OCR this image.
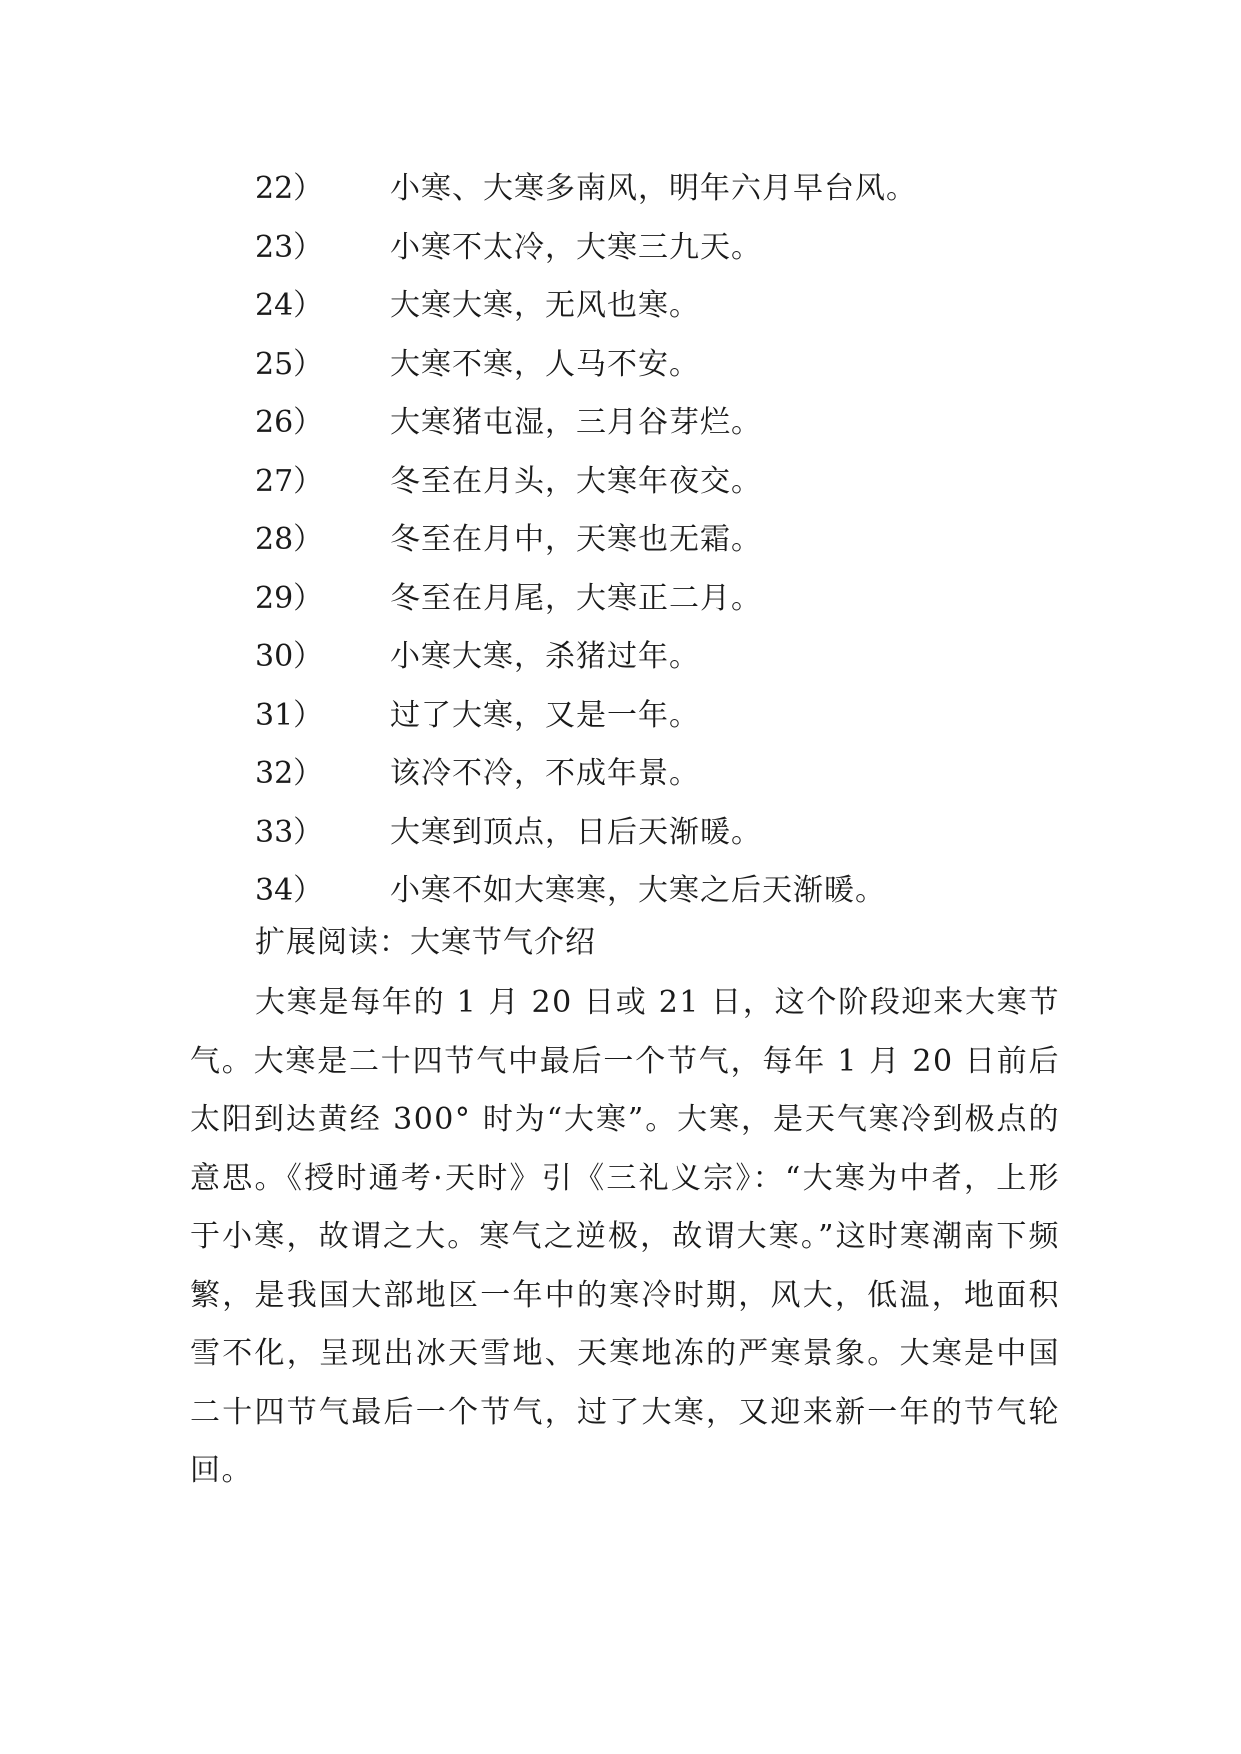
22）	小寒、大寒多南风，明年六月早台风。
23）	小寒不太冷，大寒三九天。
24）	大寒大寒，无风也寒。
25）	大寒不寒，人马不安。
26）	大寒猪屯湿，三月谷芽烂。
27）	冬至在月头，大寒年夜交。
28）	冬至在月中，天寒也无霜。
29）	冬至在月尾，大寒正二月。
30）	小寒大寒，杀猪过年。
31）	过了大寒，又是一年。
32）	该冷不冷，不成年景。
33）	大寒到顶点，日后天渐暖。
34）	小寒不如大寒寒，大寒之后天渐暖。
扩展阅读：大寒节气介绍

大寒是每年的 1 月 20 日或 21 日，这个阶段迎来大寒节气。大寒是二十四节气中最后一个节气，每年 1 月 20 日前后太阳到达黄经 300° 时为“大寒”。大寒，是天气寒冷到极点的意思。《授时通考·天时》引《三礼义宗》：“大寒为中者，上形于小寒，故谓之大。寒气之逆极，故谓大寒。”这时寒潮南下频繁，是我国大部地区一年中的寒冷时期，风大，低温，地面积雪不化，呈现出冰天雪地、天寒地冻的严寒景象。大寒是中国二十四节气最后一个节气，过了大寒，又迎来新一年的节气轮回。
